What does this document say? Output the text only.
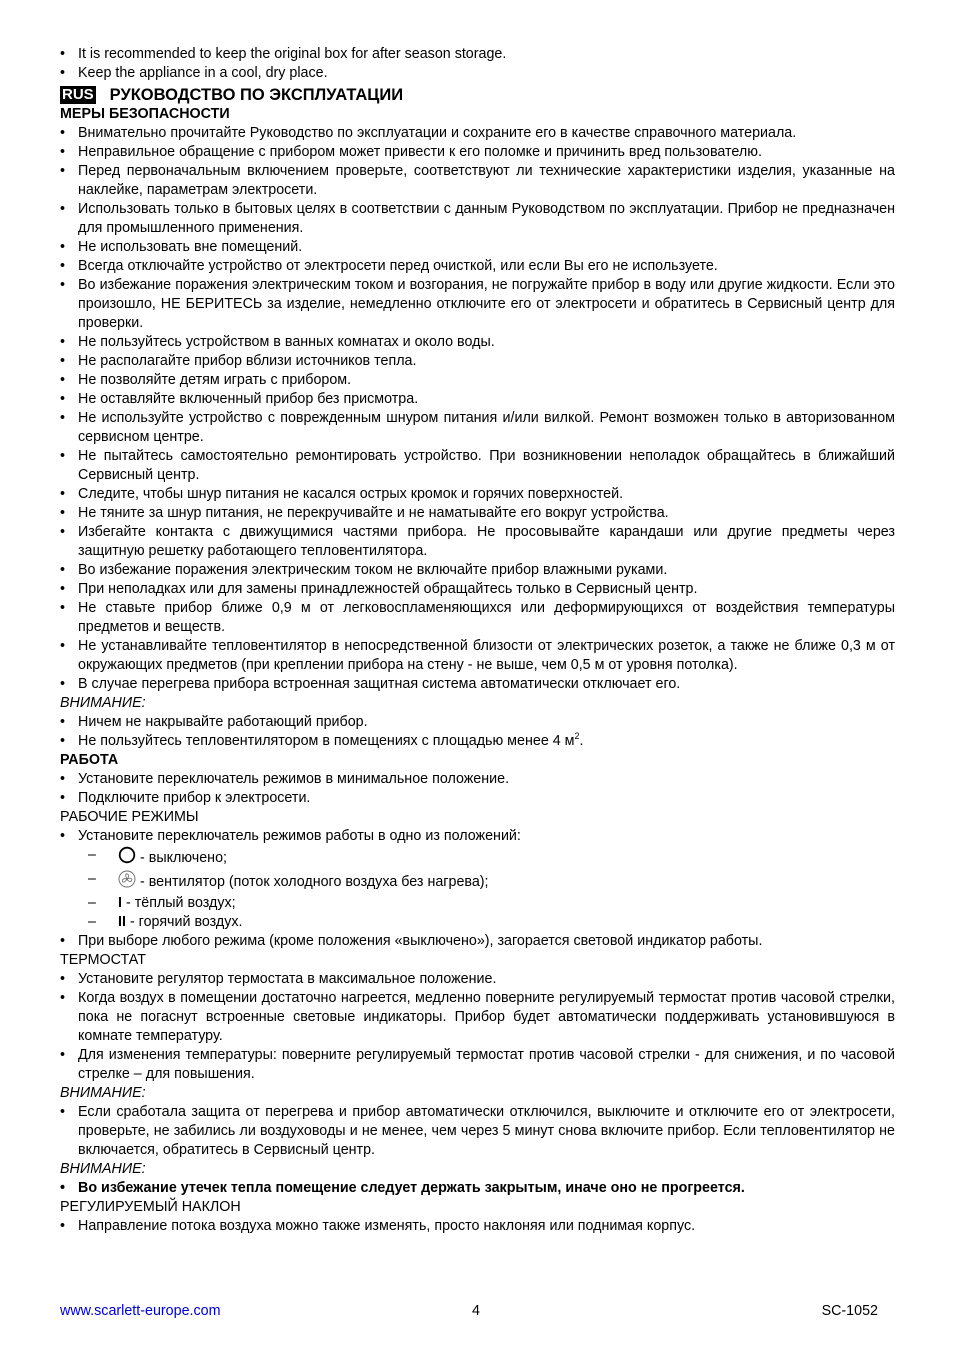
• It is recommended to keep the original box for after season storage.
• Keep the appliance in a cool, dry place.
RUS РУКОВОДСТВО ПО ЭКСПЛУАТАЦИИ
МЕРЫ БЕЗОПАСНОСТИ
• Внимательно прочитайте Руководство по эксплуатации и сохраните его в качестве справочного материала.
• Неправильное обращение с прибором может привести к его поломке и причинить вред пользователю.
• Перед первоначальным включением проверьте, соответствуют ли технические характеристики изделия, указанные на наклейке, параметрам электросети.
• Использовать только в бытовых целях в соответствии с данным Руководством по эксплуатации. Прибор не предназначен для промышленного применения.
• Не использовать вне помещений.
• Всегда отключайте устройство от электросети перед очисткой, или если Вы его не используете.
• Во избежание поражения электрическим током и возгорания, не погружайте прибор в воду или другие жидкости. Если это произошло, НЕ БЕРИТЕСЬ за изделие, немедленно отключите его от электросети и обратитесь в Сервисный центр для проверки.
• Не пользуйтесь устройством в ванных комнатах и около воды.
• Не располагайте прибор вблизи источников тепла.
• Не позволяйте детям играть с прибором.
• Не оставляйте включенный прибор без присмотра.
• Не используйте устройство с поврежденным шнуром питания и/или вилкой. Ремонт возможен только в авторизованном сервисном центре.
• Не пытайтесь самостоятельно ремонтировать устройство. При возникновении неполадок обращайтесь в ближайший Сервисный центр.
• Следите, чтобы шнур питания не касался острых кромок и горячих поверхностей.
• Не тяните за шнур питания, не перекручивайте и не наматывайте его вокруг устройства.
• Избегайте контакта с движущимися частями прибора. Не просовывайте карандаши или другие предметы через защитную решетку работающего тепловентилятора.
• Во избежание поражения электрическим током не включайте прибор влажными руками.
• При неполадках или для замены принадлежностей обращайтесь только в Сервисный центр.
• Не ставьте прибор ближе 0,9 м от легковоспламеняющихся или деформирующихся от воздействия температуры предметов и веществ.
• Не устанавливайте тепловентилятор в непосредственной близости от электрических розеток, а также не ближе 0,3 м от окружающих предметов (при креплении прибора на стену - не выше, чем 0,5 м от уровня потолка).
• В случае перегрева прибора встроенная защитная система автоматически отключает его.
ВНИМАНИЕ:
• Ничем не накрывайте работающий прибор.
• Не пользуйтесь тепловентилятором в помещениях с площадью менее 4 $м^2$.
РАБОТА
• Установите переключатель режимов в минимальное положение.
• Подключите прибор к электросети.
РАБОЧИЕ РЕЖИМЫ
• Установите переключатель режимов работы в одно из положений:
–	- выключено;
–	- вентилятор (поток холодного воздуха без нагрева);
– I - тёплый воздух;
– II - горячий воздух.
• При выборе любого режима (кроме положения «выключено»), загорается световой индикатор работы.
ТЕРМОСТАТ
• Установите регулятор термостата в максимальное положение.
• Когда воздух в помещении достаточно нагреется, медленно поверните регулируемый термостат против часовой стрелки, пока не погаснут встроенные световые индикаторы. Прибор будет автоматически поддерживать установившуюся в комнате температуру.
• Для изменения температуры: поверните регулируемый термостат против часовой стрелки - для снижения, и по часовой стрелке – для повышения.
ВНИМАНИЕ:
• Если сработала защита от перегрева и прибор автоматически отключился, выключите и отключите его от электросети, проверьте, не забились ли воздуховоды и не менее, чем через 5 минут снова включите прибор. Если тепловентилятор не включается, обратитесь в Сервисный центр.
ВНИМАНИЕ:
• Во избежание утечек тепла помещение следует держать закрытым, иначе оно не прогреется.
РЕГУЛИРУЕМЫЙ НАКЛОН
• Направление потока воздуха можно также изменять, просто наклоняя или поднимая корпус.
www.scarlett-europe.com	4	SC-1052
